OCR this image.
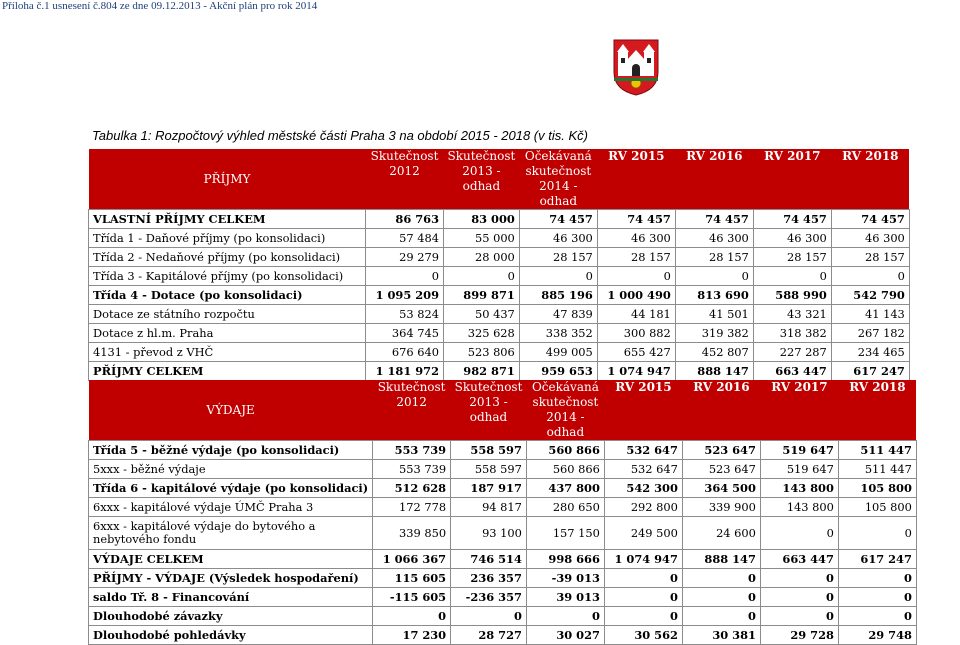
Příloha č.1 usnesení č.804 ze dne 09.12.2013 - Akční plán pro rok 2014
Tabulka 1: Rozpočtový výhled městské části Praha 3 na období 2015 - 2018 (v tis. Kč)
PŘÍJMY	Skutečnost 2012	Skutečnost 2013 - odhad	Očekávaná skutečnost 2014 - odhad	RV 2015	RV 2016	RV 2017	RV 2018
VLASTNÍ PŘÍJMY CELKEM	86 763	83 000	74 457	74 457	74 457	74 457	74 457
Třída 1 - Daňové příjmy (po konsolidaci)	57 484	55 000	46 300	46 300	46 300	46 300	46 300
Třída 2 - Nedaňové příjmy (po konsolidaci)	29 279	28 000	28 157	28 157	28 157	28 157	28 157
Třída 3 - Kapitálové příjmy (po konsolidaci)	0	0	0	0	0	0	0
Třída 4 - Dotace (po konsolidaci)	1 095 209	899 871	885 196	1 000 490	813 690	588 990	542 790
Dotace ze státního rozpočtu	53 824	50 437	47 839	44 181	41 501	43 321	41 143
Dotace z hl.m. Praha	364 745	325 628	338 352	300 882	319 382	318 382	267 182
4131 - převod z VHČ	676 640	523 806	499 005	655 427	452 807	227 287	234 465
PŘÍJMY CELKEM	1 181 972	982 871	959 653	1 074 947	888 147	663 447	617 247
VÝDAJE	Skutečnost 2012	Skutečnost 2013 - odhad	Očekávaná skutečnost 2014 - odhad	RV 2015	RV 2016	RV 2017	RV 2018
Třída 5 - běžné výdaje (po konsolidaci)	553 739	558 597	560 866	532 647	523 647	519 647	511 447
5xxx - běžné výdaje	553 739	558 597	560 866	532 647	523 647	519 647	511 447
Třída 6 - kapitálové výdaje (po konsolidaci)	512 628	187 917	437 800	542 300	364 500	143 800	105 800
6xxx - kapitálové výdaje ÚMČ Praha 3	172 778	94 817	280 650	292 800	339 900	143 800	105 800
6xxx - kapitálové výdaje do bytového a nebytového fondu	339 850	93 100	157 150	249 500	24 600	0	0
VÝDAJE CELKEM	1 066 367	746 514	998 666	1 074 947	888 147	663 447	617 247
PŘÍJMY - VÝDAJE (Výsledek hospodaření)	115 605	236 357	-39 013	0	0	0	0
saldo Tř. 8 - Financování	-115 605	-236 357	39 013	0	0	0	0
Dlouhodobé závazky	0	0	0	0	0	0	0
Dlouhodobé pohledávky	17 230	28 727	30 027	30 562	30 381	29 728	29 748
